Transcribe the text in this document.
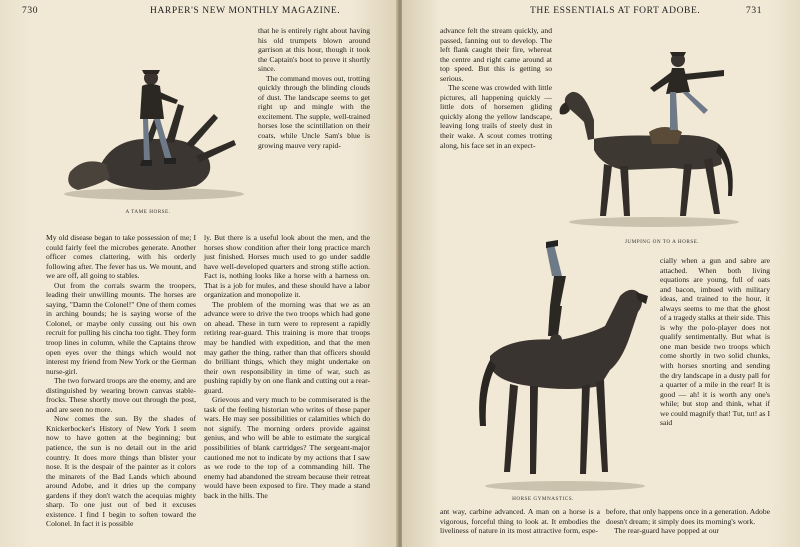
730	HARPER'S NEW MONTHLY MAGAZINE.
A TAME HORSE.

that he is entirely right about having his old trumpets blown around garrison at this hour, though it took the Captain's boot to prove it shortly since.

The command moves out, trotting quickly through the blinding clouds of dust. The landscape seems to get right up and mingle with the excitement. The supple, well-trained horses lose the scintillation on their coats, while Uncle Sam's blue is growing mauve very rapid-

My old disease began to take possession of me; I could fairly feel the microbes generate. Another officer comes clattering, with his orderly following after. The fever has us. We mount, and we are off, all going to stables.

Out from the corrals swarm the troopers, leading their unwilling mounts. The horses are saying, "Damn the Colonel!" One of them comes in arching bounds; he is saying worse of the Colonel, or maybe only cussing out his own recruit for pulling his cincha too tight. They form troop lines in column, while the Captains throw open eyes over the things which would not interest my friend from New York or the German nurse-girl.

The two forward troops are the enemy, and are distinguished by wearing brown canvas stable-frocks. These shortly move out through the post, and are seen no more.

Now comes the sun. By the shades of Knickerbocker's History of New York I seem now to have gotten at the beginning; but patience, the sun is no detail out in the arid country. It does more things than blister your nose. It is the despair of the painter as it colors the minarets of the Bad Lands which abound around Adobe, and it dries up the company gardens if they don't watch the acequias mighty sharp. To one just out of bed it excuses existence. I find I begin to soften toward the Colonel. In fact it is possible

ly. But there is a useful look about the men, and the horses show condition after their long practice march just finished. Horses much used to go under saddle have well-developed quarters and strong stifle action. Fact is, nothing looks like a horse with a harness on. That is a job for mules, and these should have a labor organization and monopolize it.

The problem of the morning was that we as an advance were to drive the two troops which had gone on ahead. These in turn were to represent a rapidly retiring rear-guard. This training is more that troops may be handled with expedition, and that the men may gather the thing, rather than that officers should do brilliant things, which they might undertake on their own responsibility in time of war, such as pushing rapidly by on one flank and cutting out a rear-guard.

Grievous and very much to be commiserated is the task of the feeling historian who writes of these paper wars. He may see possibilities or calamities which do not signify. The morning orders provide against genius, and who will be able to estimate the surgical possibilities of blank cartridges? The sergeant-major cautioned me not to indicate by my actions that I saw as we rode to the top of a commanding hill. The enemy had abandoned the stream because their retreat would have been exposed to fire. They made a stand back in the hills. The

THE ESSENTIALS AT FORT ADOBE.	731

advance felt the stream quickly, and passed, fanning out to develop. The left flank caught their fire, whereat the centre and right came around at top speed. But this is getting so serious.

The scene was crowded with little pictures, all happening quickly — little dots of horsemen gliding quickly along the yellow landscape, leaving long trails of steely dust in their wake. A scout comes trotting along, his face set in an expect-

JUMPING ON TO A HORSE.
HORSE GYMNASTICS.

cially when a gun and sabre are attached. When both living equations are young, full of oats and bacon, imbued with military ideas, and trained to the hour, it always seems to me that the ghost of a tragedy stalks at their side. This is why the polo-player does not qualify sentimentally. But what is one man beside two troops which come shortly in two solid chunks, with horses snorting and sending the dry landscape in a dusty pall for a quarter of a mile in the rear! It is good — ah! it is worth any one's while; but stop and think, what if we could magnify that! Tut, tut! as I said

ant way, carbine advanced. A man on a horse is a vigorous, forceful thing to look at. It embodies the liveliness of nature in its most attractive form, espe-

before, that only happens once in a generation. Adobe doesn't dream; it simply does its morning's work.

The rear-guard have popped at our
